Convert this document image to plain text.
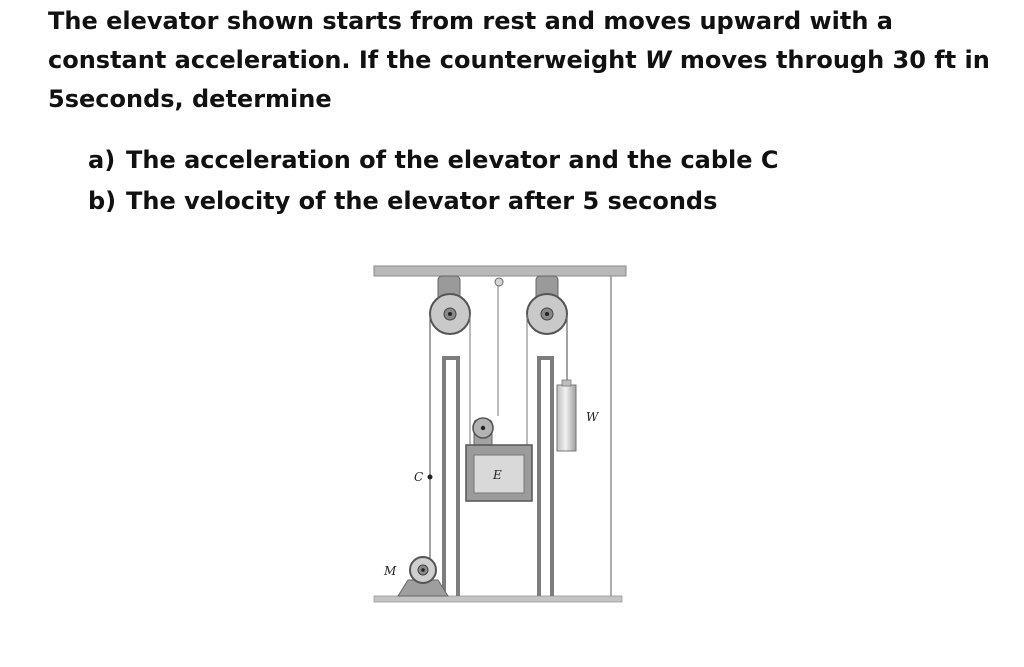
The elevator shown starts from rest and moves upward with a constant acceleration. If the counterweight W moves through 30 ft in 5seconds, determine

a) The acceleration of the elevator and the cable C
b) The velocity of the elevator after 5 seconds
W
E
C
M
